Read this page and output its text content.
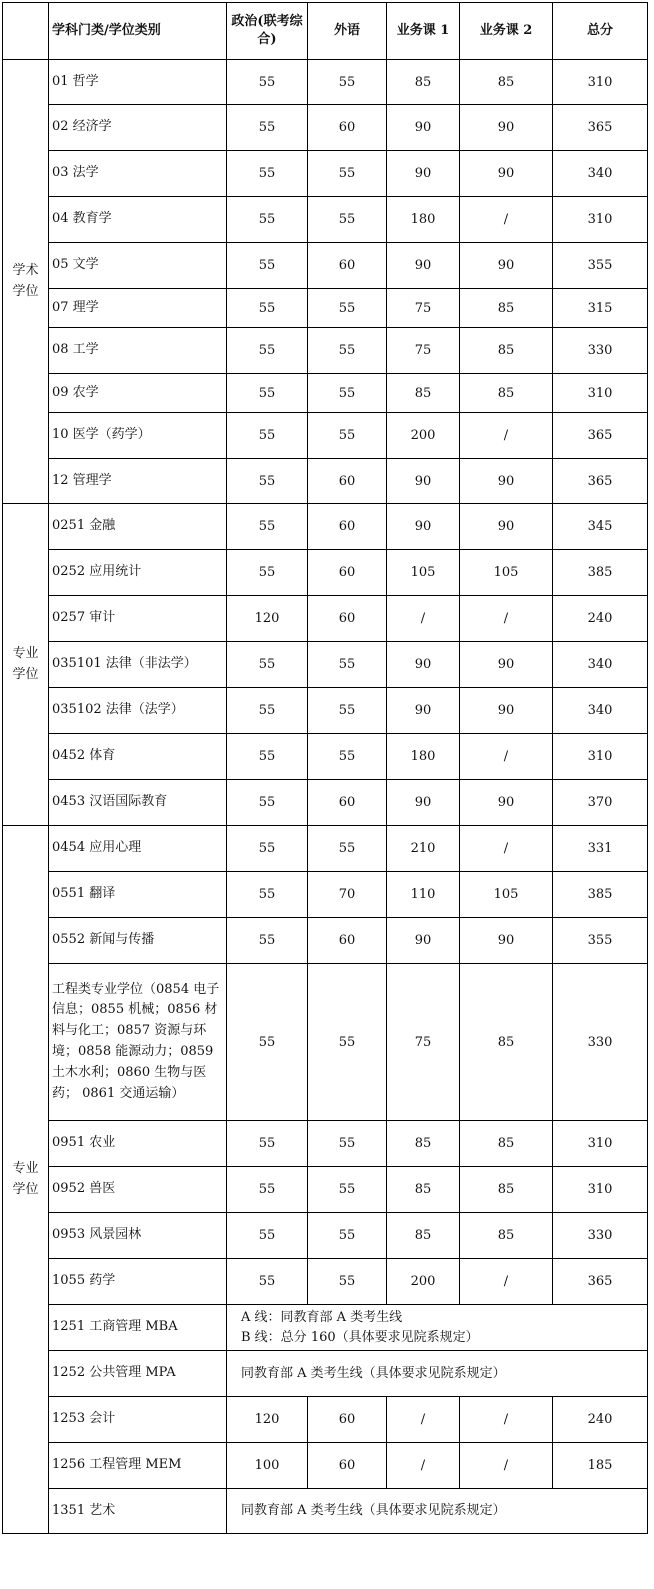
	学科门类/学位类别	政治(联考综合)	外语	业务课 1	业务课 2	总分

学术学位	01 哲学	55	55	85	85	310
	02 经济学	55	60	90	90	365
	03 法学	55	55	90	90	340
	04 教育学	55	55	180	/	310
	05 文学	55	60	90	90	355
	07 理学	55	55	75	85	315
	08 工学	55	55	75	85	330
	09 农学	55	55	85	85	310
	10 医学（药学）	55	55	200	/	365
	12 管理学	55	60	90	90	365

专业学位	0251 金融	55	60	90	90	345
	0252 应用统计	55	60	105	105	385
	0257 审计	120	60	/	/	240
	035101 法律（非法学）	55	55	90	90	340
	035102 法律（法学）	55	55	90	90	340
	0452 体育	55	55	180	/	310
	0453 汉语国际教育	55	60	90	90	370

专业学位	0454 应用心理	55	55	210	/	331
	0551 翻译	55	70	110	105	385
	0552 新闻与传播	55	60	90	90	355
	工程类专业学位（0854 电子信息；0855 机械；0856 材料与化工；0857 资源与环境；0858 能源动力；0859 土木水利；0860 生物与医药； 0861 交通运输）	55	55	75	85	330
	0951 农业	55	55	85	85	310
	0952 兽医	55	55	85	85	310
	0953 风景园林	55	55	85	85	330
	1055 药学	55	55	200	/	365
	1251 工商管理 MBA	A 线：同教育部 A 类考生线
B 线：总分 160（具体要求见院系规定）				

	1252 公共管理 MPA	同教育部 A 类考生线（具体要求见院系规定）				
	1253 会计	120	60	/	/	240
	1256 工程管理 MEM	100	60	/	/	185
	1351 艺术	同教育部 A 类考生线（具体要求见院系规定）				
